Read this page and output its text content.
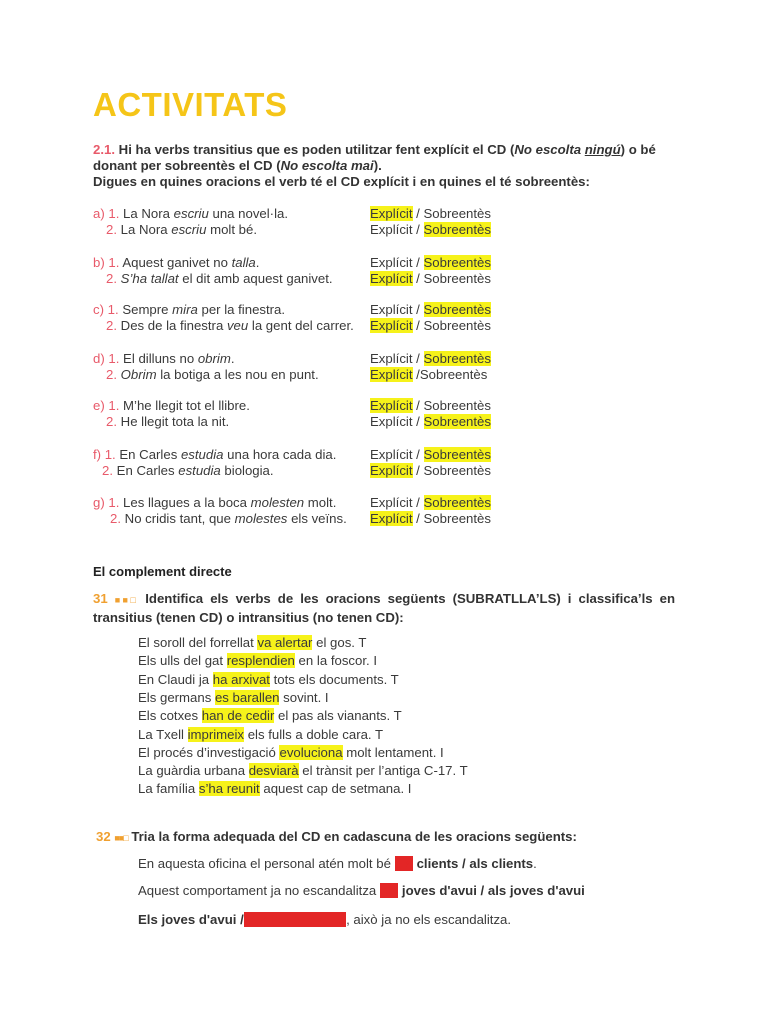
ACTIVITATS
2.1. Hi ha verbs transitius que es poden utilitzar fent explícit el CD (No escolta ningú) o bé donant per sobreentès el CD (No escolta mai).
Digues en quines oracions el verb té el CD explícit i en quines el té sobreentès:
a) 1. La Nora escriu una novel·la.	Explícit / Sobreentès
2. La Nora escriu molt bé.	Explícit / Sobreentès
b) 1. Aquest ganivet no talla.	Explícit / Sobreentès
2. S’ha tallat el dit amb aquest ganivet.	Explícit / Sobreentès
c) 1. Sempre mira per la finestra.	Explícit / Sobreentès
2. Des de la finestra veu la gent del carrer. Explícit / Sobreentès
d) 1. El dilluns no obrim.	Explícit / Sobreentès
2. Obrim la botiga a les nou en punt.	Explícit /Sobreentès
e) 1. M’he llegit tot el llibre.	Explícit / Sobreentès
2. He llegit tota la nit.	Explícit / Sobreentès
f) 1. En Carles estudia una hora cada dia.	Explícit / Sobreentès
2. En Carles estudia biologia.	Explícit / Sobreentès
g) 1. Les llagues a la boca molesten molt.	Explícit / Sobreentès
2. No cridis tant, que molestes els veïns. Explícit / Sobreentès
El complement directe
31 ■■□ Identifica els verbs de les oracions següents (SUBRATLLA’LS) i classifica’ls en transitius (tenen CD) o intransitius (no tenen CD):
El soroll del forrellat va alertar el gos. T
Els ulls del gat resplendien en la foscor. I
En Claudi ja ha arxivat tots els documents. T
Els germans es barallen sovint. I
Els cotxes han de cedir el pas als vianants. T
La Txell imprimeix els fulls a doble cara. T
El procés d’investigació evoluciona molt lentament. I
La guàrdia urbana desviarà el trànsit per l’antiga C-17. T
La família s’ha reunit aquest cap de setmana. I
32 ■■□ Tria la forma adequada del CD en cadascuna de les oracions següents:
En aquesta oficina el personal atén molt bé els clients / als clients.
Aquest comportament ja no escandalitza els joves d'avui / als joves d'avui
Els joves d'avui / Als joves d'avui, això ja no els escandalitza.
